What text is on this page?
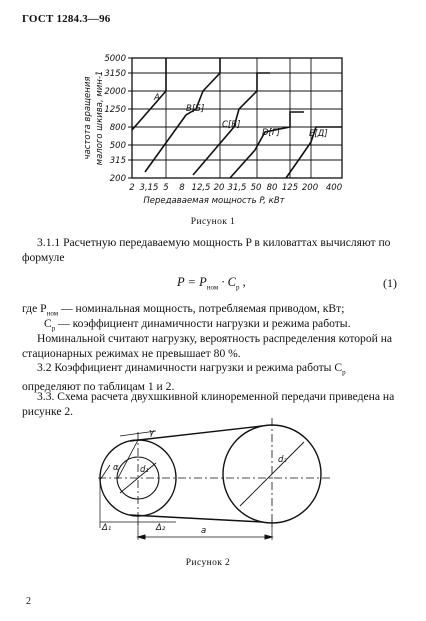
ГОСТ 1284.3—96
5000
3150
2000
1250
800
500
315
200
2 3,15 5 8 12,5 20 31,5 50 80 125 200 400
A
B[Б]
C[В]
D[Г]	E[Д]
Передаваемая мощность P, кВт
частота вращения малого шкива, мин-1
γ
α	d₁
d₂
Δ₁	Δ₂	a
Рисунок 1
3.1.1 Расчетную передаваемую мощность P в киловаттах вычисляют по формуле
$P = P_{ном} \cdot C_р$ ,	(1)
где $P_{ном}$ — номинальная мощность, потребляемая приводом, кВт;
$C_р$ — коэффициент динамичности нагрузки и режима работы.
Номинальной считают нагрузку, вероятность распределения которой на стационарных режимах не превышает 80 %.
3.2 Коэффициент динамичности нагрузки и режима работы $C_р$ определяют по таблицам 1 и 2.
3.3. Схема расчета двухшкивной клиноременной передачи приведена на рисунке 2.
Рисунок 2
2
